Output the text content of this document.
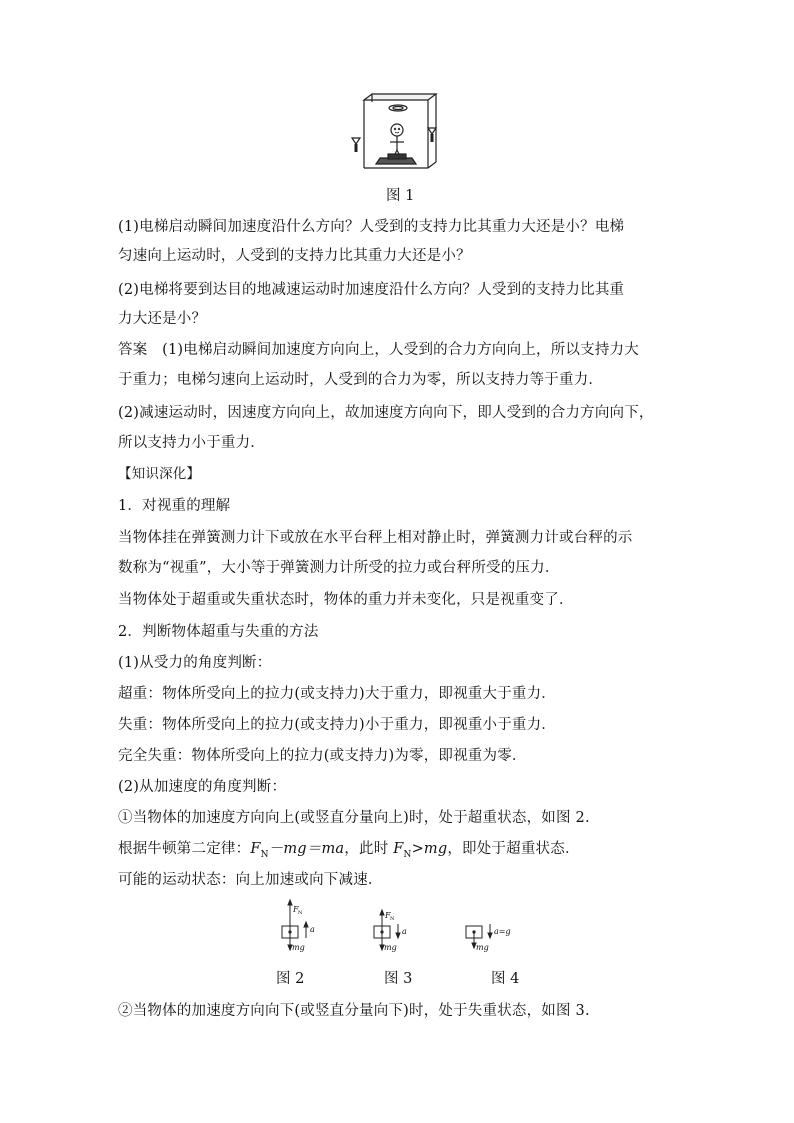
图 1
(1)电梯启动瞬间加速度沿什么方向？人受到的支持力比其重力大还是小？电梯
匀速向上运动时，人受到的支持力比其重力大还是小？
(2)电梯将要到达目的地减速运动时加速度沿什么方向？人受到的支持力比其重
力大还是小？
答案　(1)电梯启动瞬间加速度方向向上，人受到的合力方向向上，所以支持力大
于重力；电梯匀速向上运动时，人受到的合力为零，所以支持力等于重力．
(2)减速运动时，因速度方向向上，故加速度方向向下，即人受到的合力方向向下，
所以支持力小于重力．
【知识深化】
1．对视重的理解
当物体挂在弹簧测力计下或放在水平台秤上相对静止时，弹簧测力计或台秤的示
数称为“视重”，大小等于弹簧测力计所受的拉力或台秤所受的压力．
当物体处于超重或失重状态时，物体的重力并未变化，只是视重变了．
2．判断物体超重与失重的方法
(1)从受力的角度判断：
超重：物体所受向上的拉力(或支持力)大于重力，即视重大于重力．
失重：物体所受向上的拉力(或支持力)小于重力，即视重小于重力．
完全失重：物体所受向上的拉力(或支持力)为零，即视重为零．
(2)从加速度的角度判断：
①当物体的加速度方向向上(或竖直分量向上)时，处于超重状态，如图 2.
根据牛顿第二定律：$F_N-mg=ma$，此时 $F_N>mg$，即处于超重状态．
可能的运动状态：向上加速或向下减速．
F N
a
mg
图 2
F N
a
mg
图 3
a=g
mg
图 4
②当物体的加速度方向向下(或竖直分量向下)时，处于失重状态，如图 3.
